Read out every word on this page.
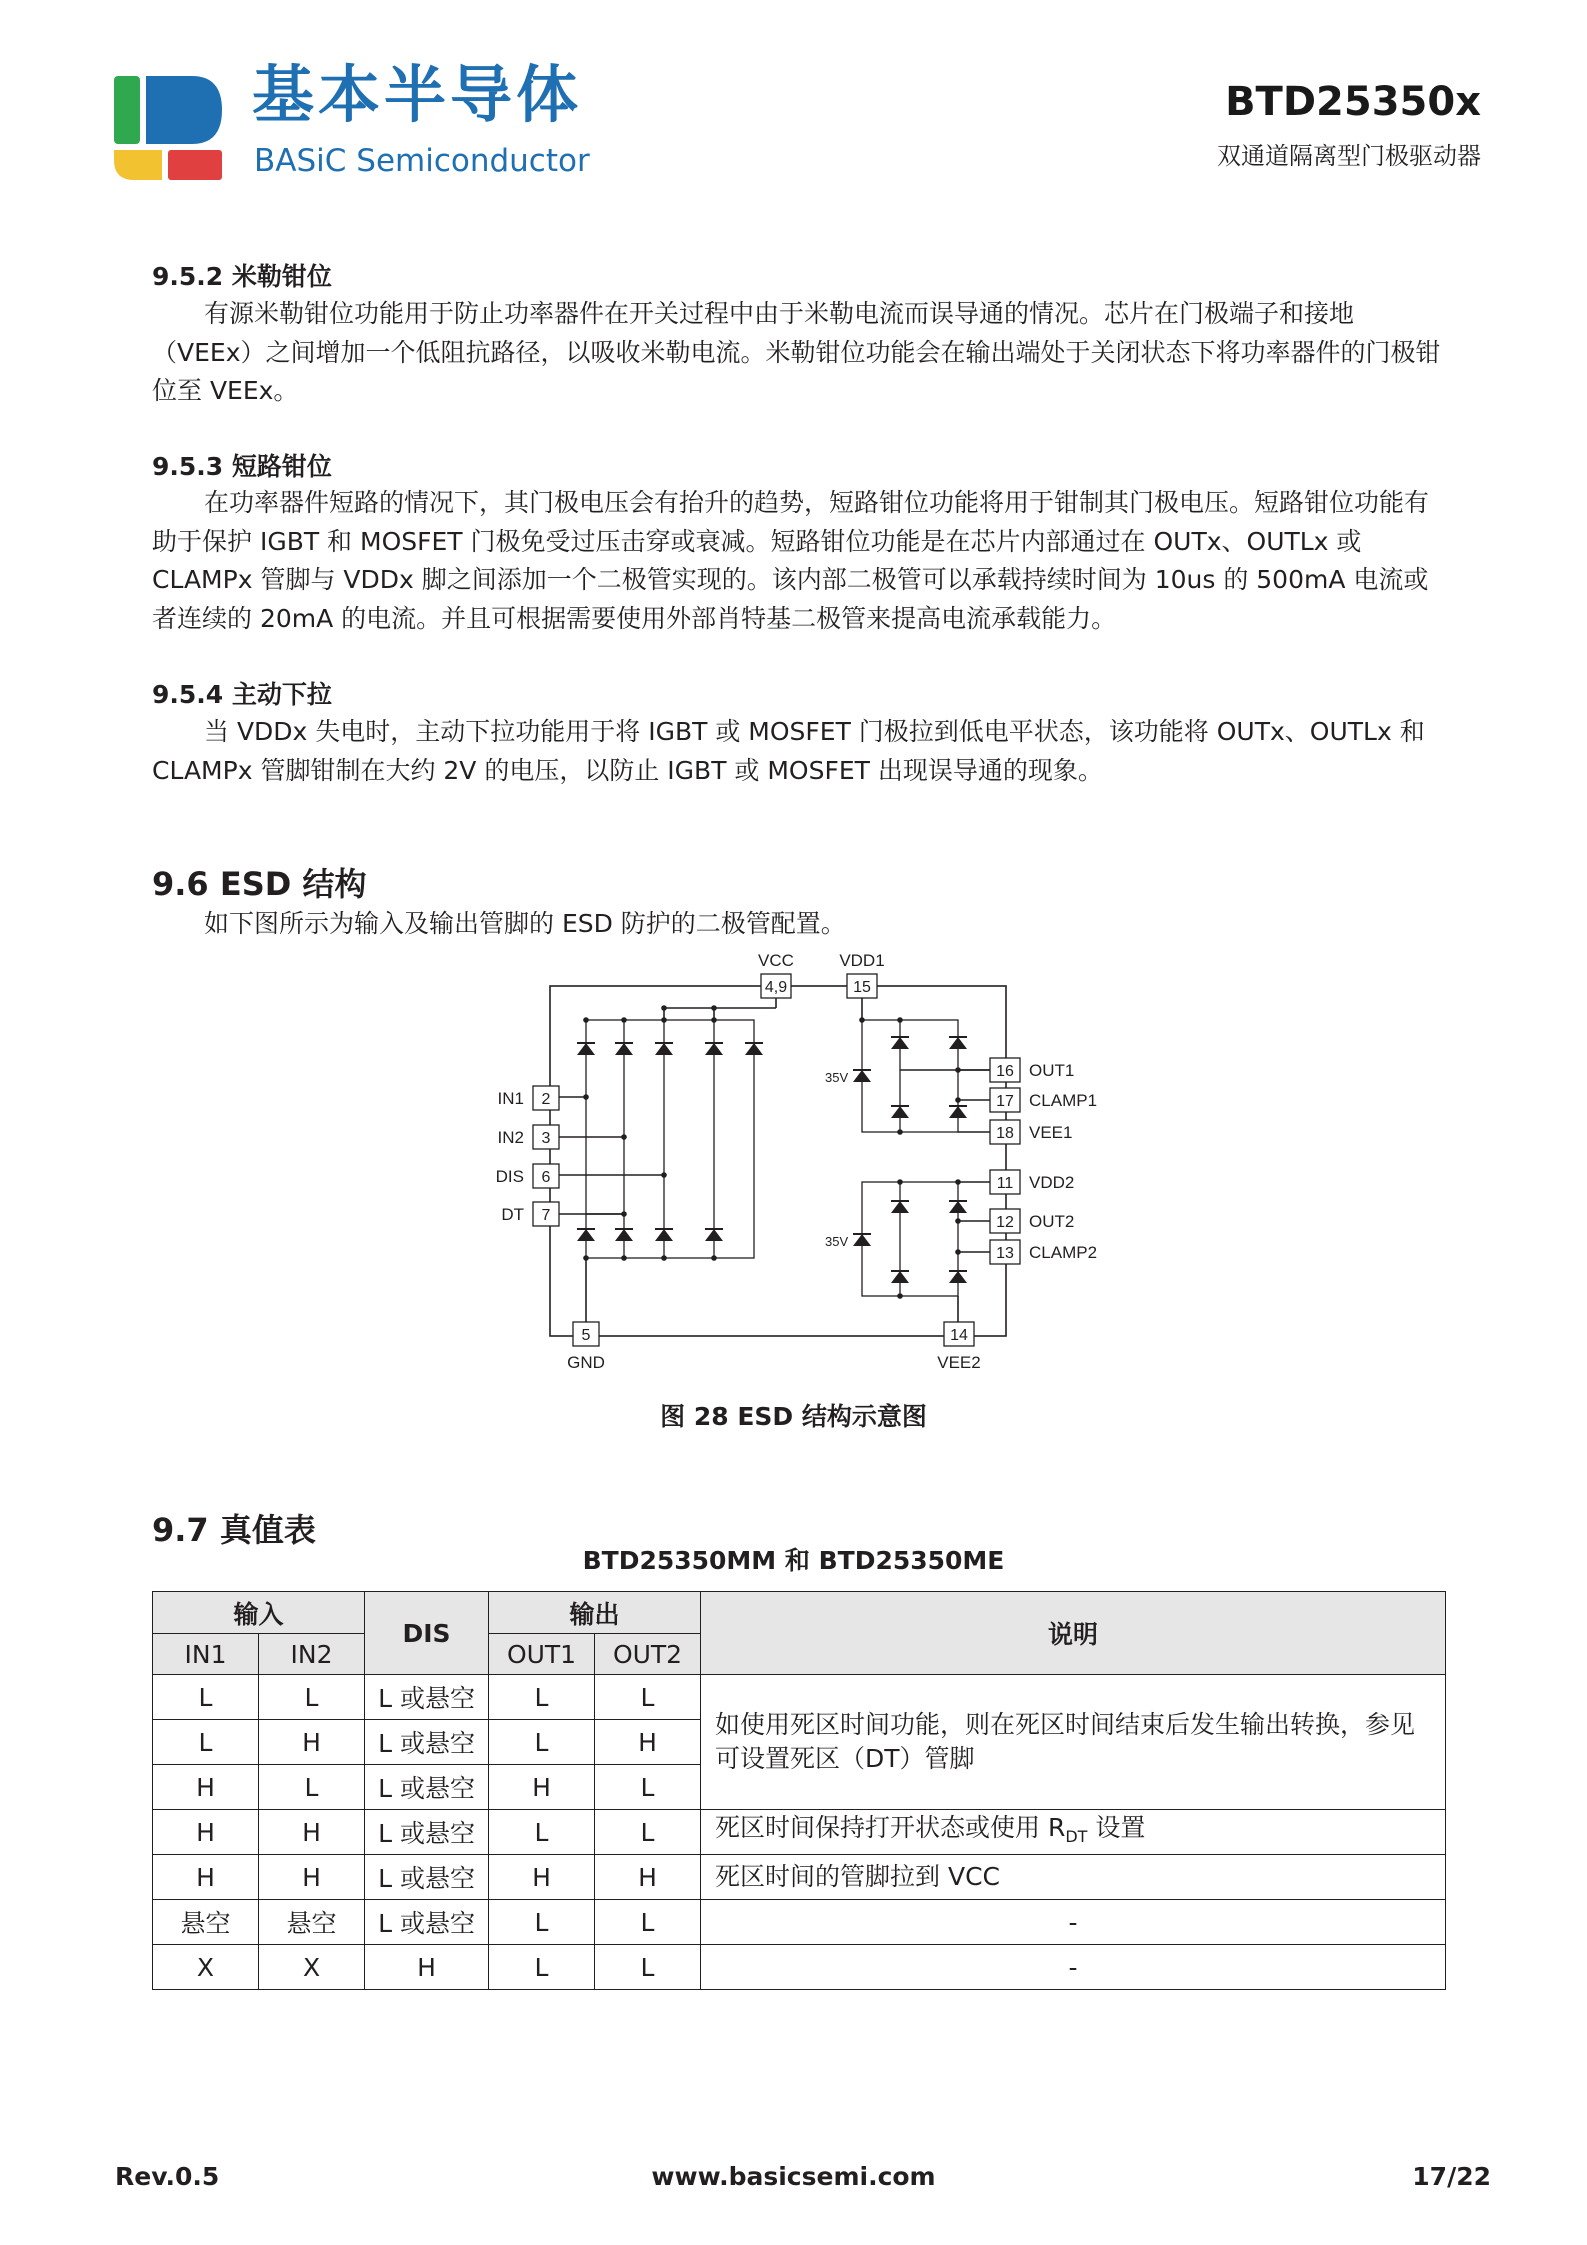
基本半导体
BASiC Semiconductor
BTD25350x
双通道隔离型门极驱动器
9.5.2 米勒钳位

有源米勒钳位功能用于防止功率器件在开关过程中由于米勒电流而误导通的情况。芯片在门极端子和接地（VEEx）之间增加一个低阻抗路径，以吸收米勒电流。米勒钳位功能会在输出端处于关闭状态下将功率器件的门极钳位至 VEEx。

9.5.3 短路钳位

在功率器件短路的情况下，其门极电压会有抬升的趋势，短路钳位功能将用于钳制其门极电压。短路钳位功能有助于保护 IGBT 和 MOSFET 门极免受过压击穿或衰减。短路钳位功能是在芯片内部通过在 OUTx、OUTLx 或 CLAMPx 管脚与 VDDx 脚之间添加一个二极管实现的。该内部二极管可以承载持续时间为 10us 的 500mA 电流或者连续的 20mA 的电流。并且可根据需要使用外部肖特基二极管来提高电流承载能力。

9.5.4 主动下拉

当 VDDx 失电时，主动下拉功能用于将 IGBT 或 MOSFET 门极拉到低电平状态，该功能将 OUTx、OUTLx 和 CLAMPx 管脚钳制在大约 2V 的电压，以防止 IGBT 或 MOSFET 出现误导通的现象。

9.6 ESD 结构

如下图所示为输入及输出管脚的 ESD 防护的二极管配置。

4,9	15
2
3
6
7
16
17
18
11
12
13
5	14
VCC	VDD1
IN1
IN2
DIS
DT
OUT1
CLAMP1
VEE1
VDD2
OUT2
CLAMP2
GND	VEE2
35V
35V
图 28 ESD 结构示意图
9.7 真值表
BTD25350MM 和 BTD25350ME
输入		DIS	输出		说明
IN1	IN2		OUT1	OUT2	
L	L	L 或悬空	L	L	如使用死区时间功能，则在死区时间结束后发生输出转换，参见可设置死区（DT）管脚
L	H	L 或悬空	L	H	
H	L	L 或悬空	H	L	
H	H	L 或悬空	L	L	死区时间保持打开状态或使用 $R_{DT}$ 设置
H	H	L 或悬空	H	H	死区时间的管脚拉到 VCC
悬空	悬空	L 或悬空	L	L	-
X	X	H	L	L	-
Rev.0.5	www.basicsemi.com	17/22
